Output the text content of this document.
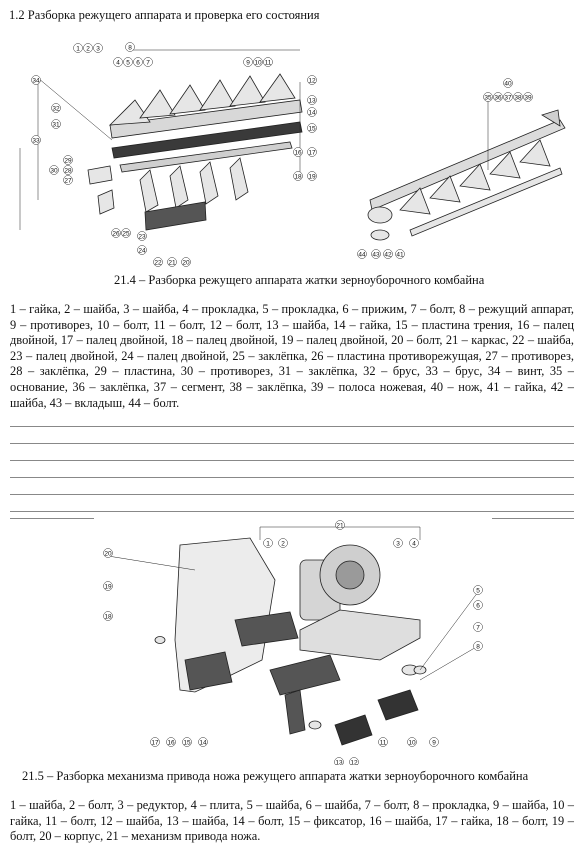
1.2 Разборка режущего аппарата и проверка его состояния
1 2 3
4 5 6 7
8
9 10 11
12
13
14
15
16 17
18 19
20
21
22
23
24
25
26
27
28
29
30
31
32
33
34
35 36 37 38 39
40
41
42
43
44
21.4 – Разборка режущего аппарата жатки зерноуборочного комбайна
1 – гайка, 2 – шайба, 3 – шайба, 4 – прокладка, 5 – прокладка, 6 – прижим, 7 – болт, 8 – режущий аппарат, 9 – противорез, 10 – болт, 11 – болт, 12 – болт, 13 – шайба, 14 – гайка, 15 – пластина трения, 16 – палец двойной, 17 – палец двойной, 18 – палец двойной, 19 – палец двойной, 20 – болт, 21 – каркас, 22 – шайба, 23 – палец двойной, 24 – палец двойной, 25 – заклёпка, 26 – пластина противорежущая, 27 – противорез, 28 – заклёпка, 29 – пластина, 30 – противорез, 31 – заклёпка, 32 – брус, 33 – брус, 34 – винт, 35 – основание, 36 – заклёпка, 37 – сегмент, 38 – заклёпка, 39 – полоса ножевая, 40 – нож, 41 – гайка, 42 – шайба, 43 – вкладыш, 44 – болт.
1 2	3 4
5
6
7
8
9
10
11
12
13
14
15
16
17
18
19
20
21
21.5 – Разборка механизма привода ножа режущего аппарата жатки зерноуборочного комбайна
1 – шайба, 2 – болт, 3 – редуктор, 4 – плита, 5 – шайба, 6 – шайба, 7 – болт, 8 – прокладка, 9 – шайба, 10 – гайка, 11 – болт, 12 – шайба, 13 – шайба, 14 – болт, 15 – фиксатор, 16 – шайба, 17 – гайка, 18 – болт, 19 – болт, 20 – корпус, 21 – механизм привода ножа.
